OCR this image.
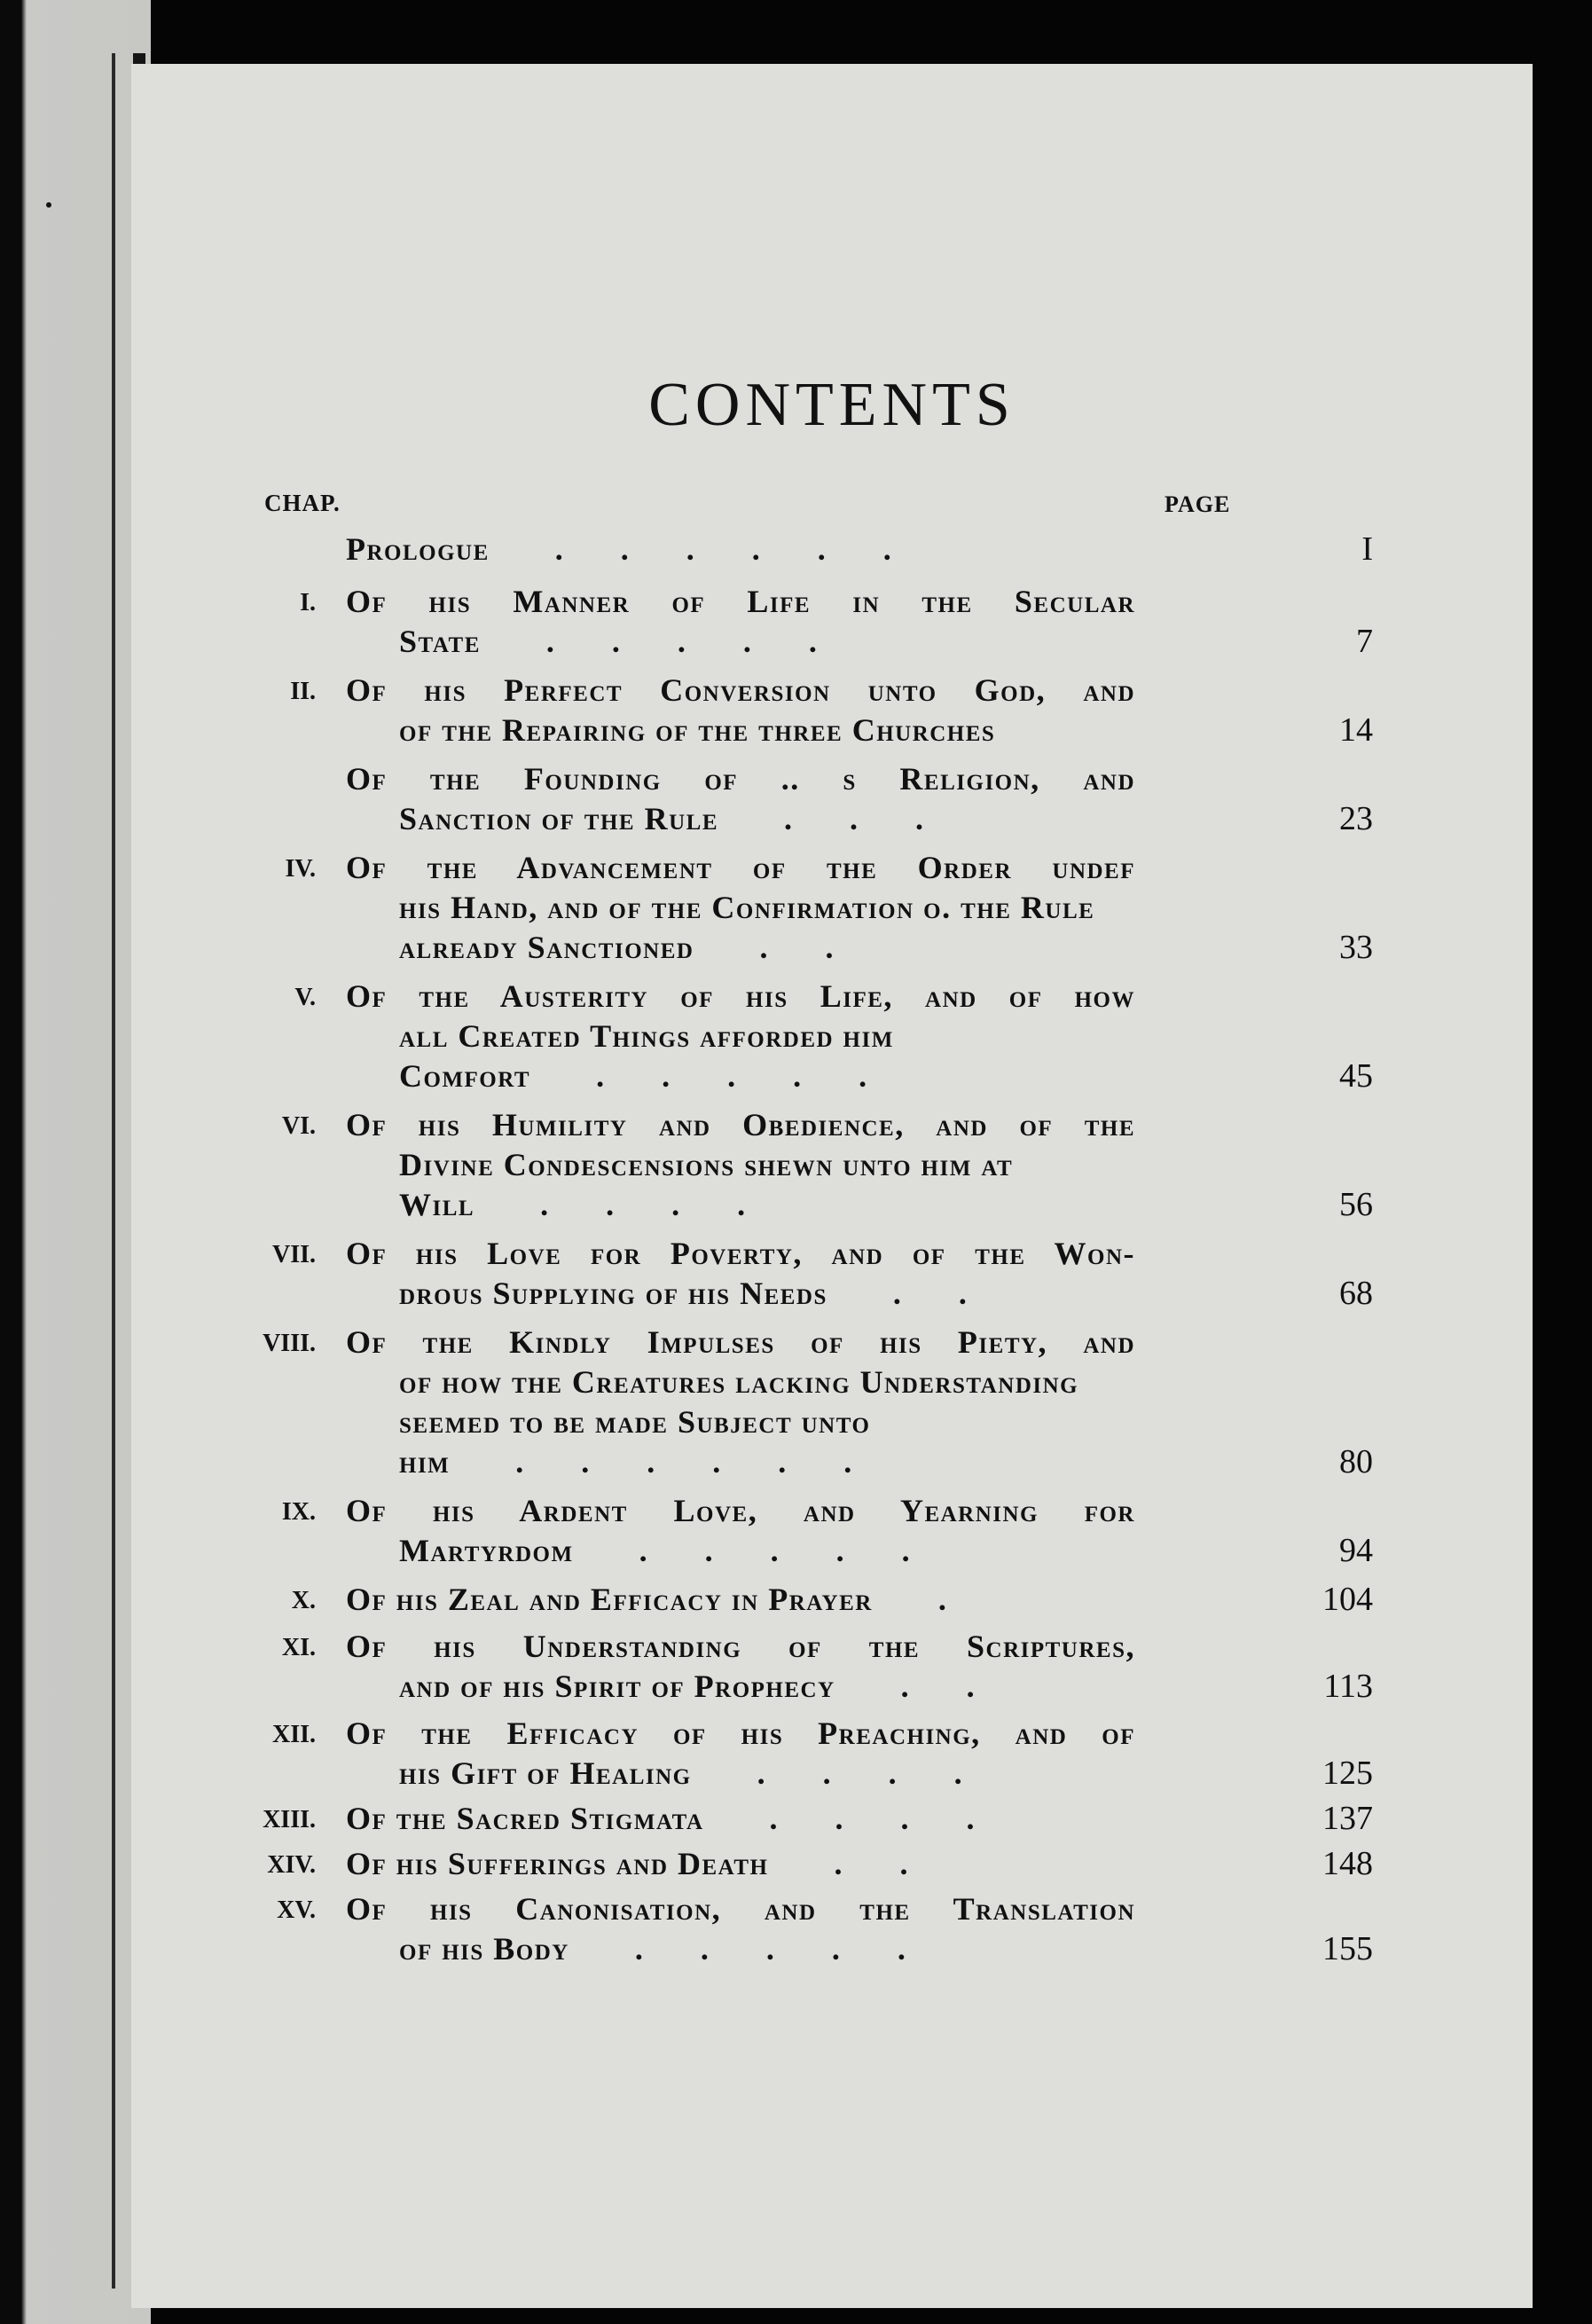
CONTENTS
CHAP.	PAGE
Prologue  . . . . . .	I
I. Of his Manner of Life in the Secular
State  . . . . .	7
II. Of his Perfect Conversion unto God, and
of the Repairing of the three Churches	14
Of the Founding of .. s Religion, and
Sanction of the Rule  . . .	23
IV. Of the Advancement of the Order undef
his Hand, and of the Confirmation o. the Rule already Sanctioned  . .	33
V. Of the Austerity of his Life, and of how
all Created Things afforded him Comfort  . . . . .	45
VI. Of his Humility and Obedience, and of the
Divine Condescensions shewn unto him at Will  . . . .	56
VII. Of his Love for Poverty, and of the Won-
drous Supplying of his Needs  . .	68
VIII. Of the Kindly Impulses of his Piety, and
of how the Creatures lacking Understanding seemed to be made Subject unto him  . . . . . .	80
IX. Of his Ardent Love, and Yearning for
Martyrdom  . . . . .	94
X. Of his Zeal and Efficacy in Prayer  .	104
XI. Of his Understanding of the Scriptures,
and of his Spirit of Prophecy  . .	113
XII. Of the Efficacy of his Preaching, and of
his Gift of Healing  . . . .	125
XIII. Of the Sacred Stigmata  . . . .	137
XIV. Of his Sufferings and Death  . .	148
XV. Of his Canonisation, and the Translation
of his Body  . . . . .	155
